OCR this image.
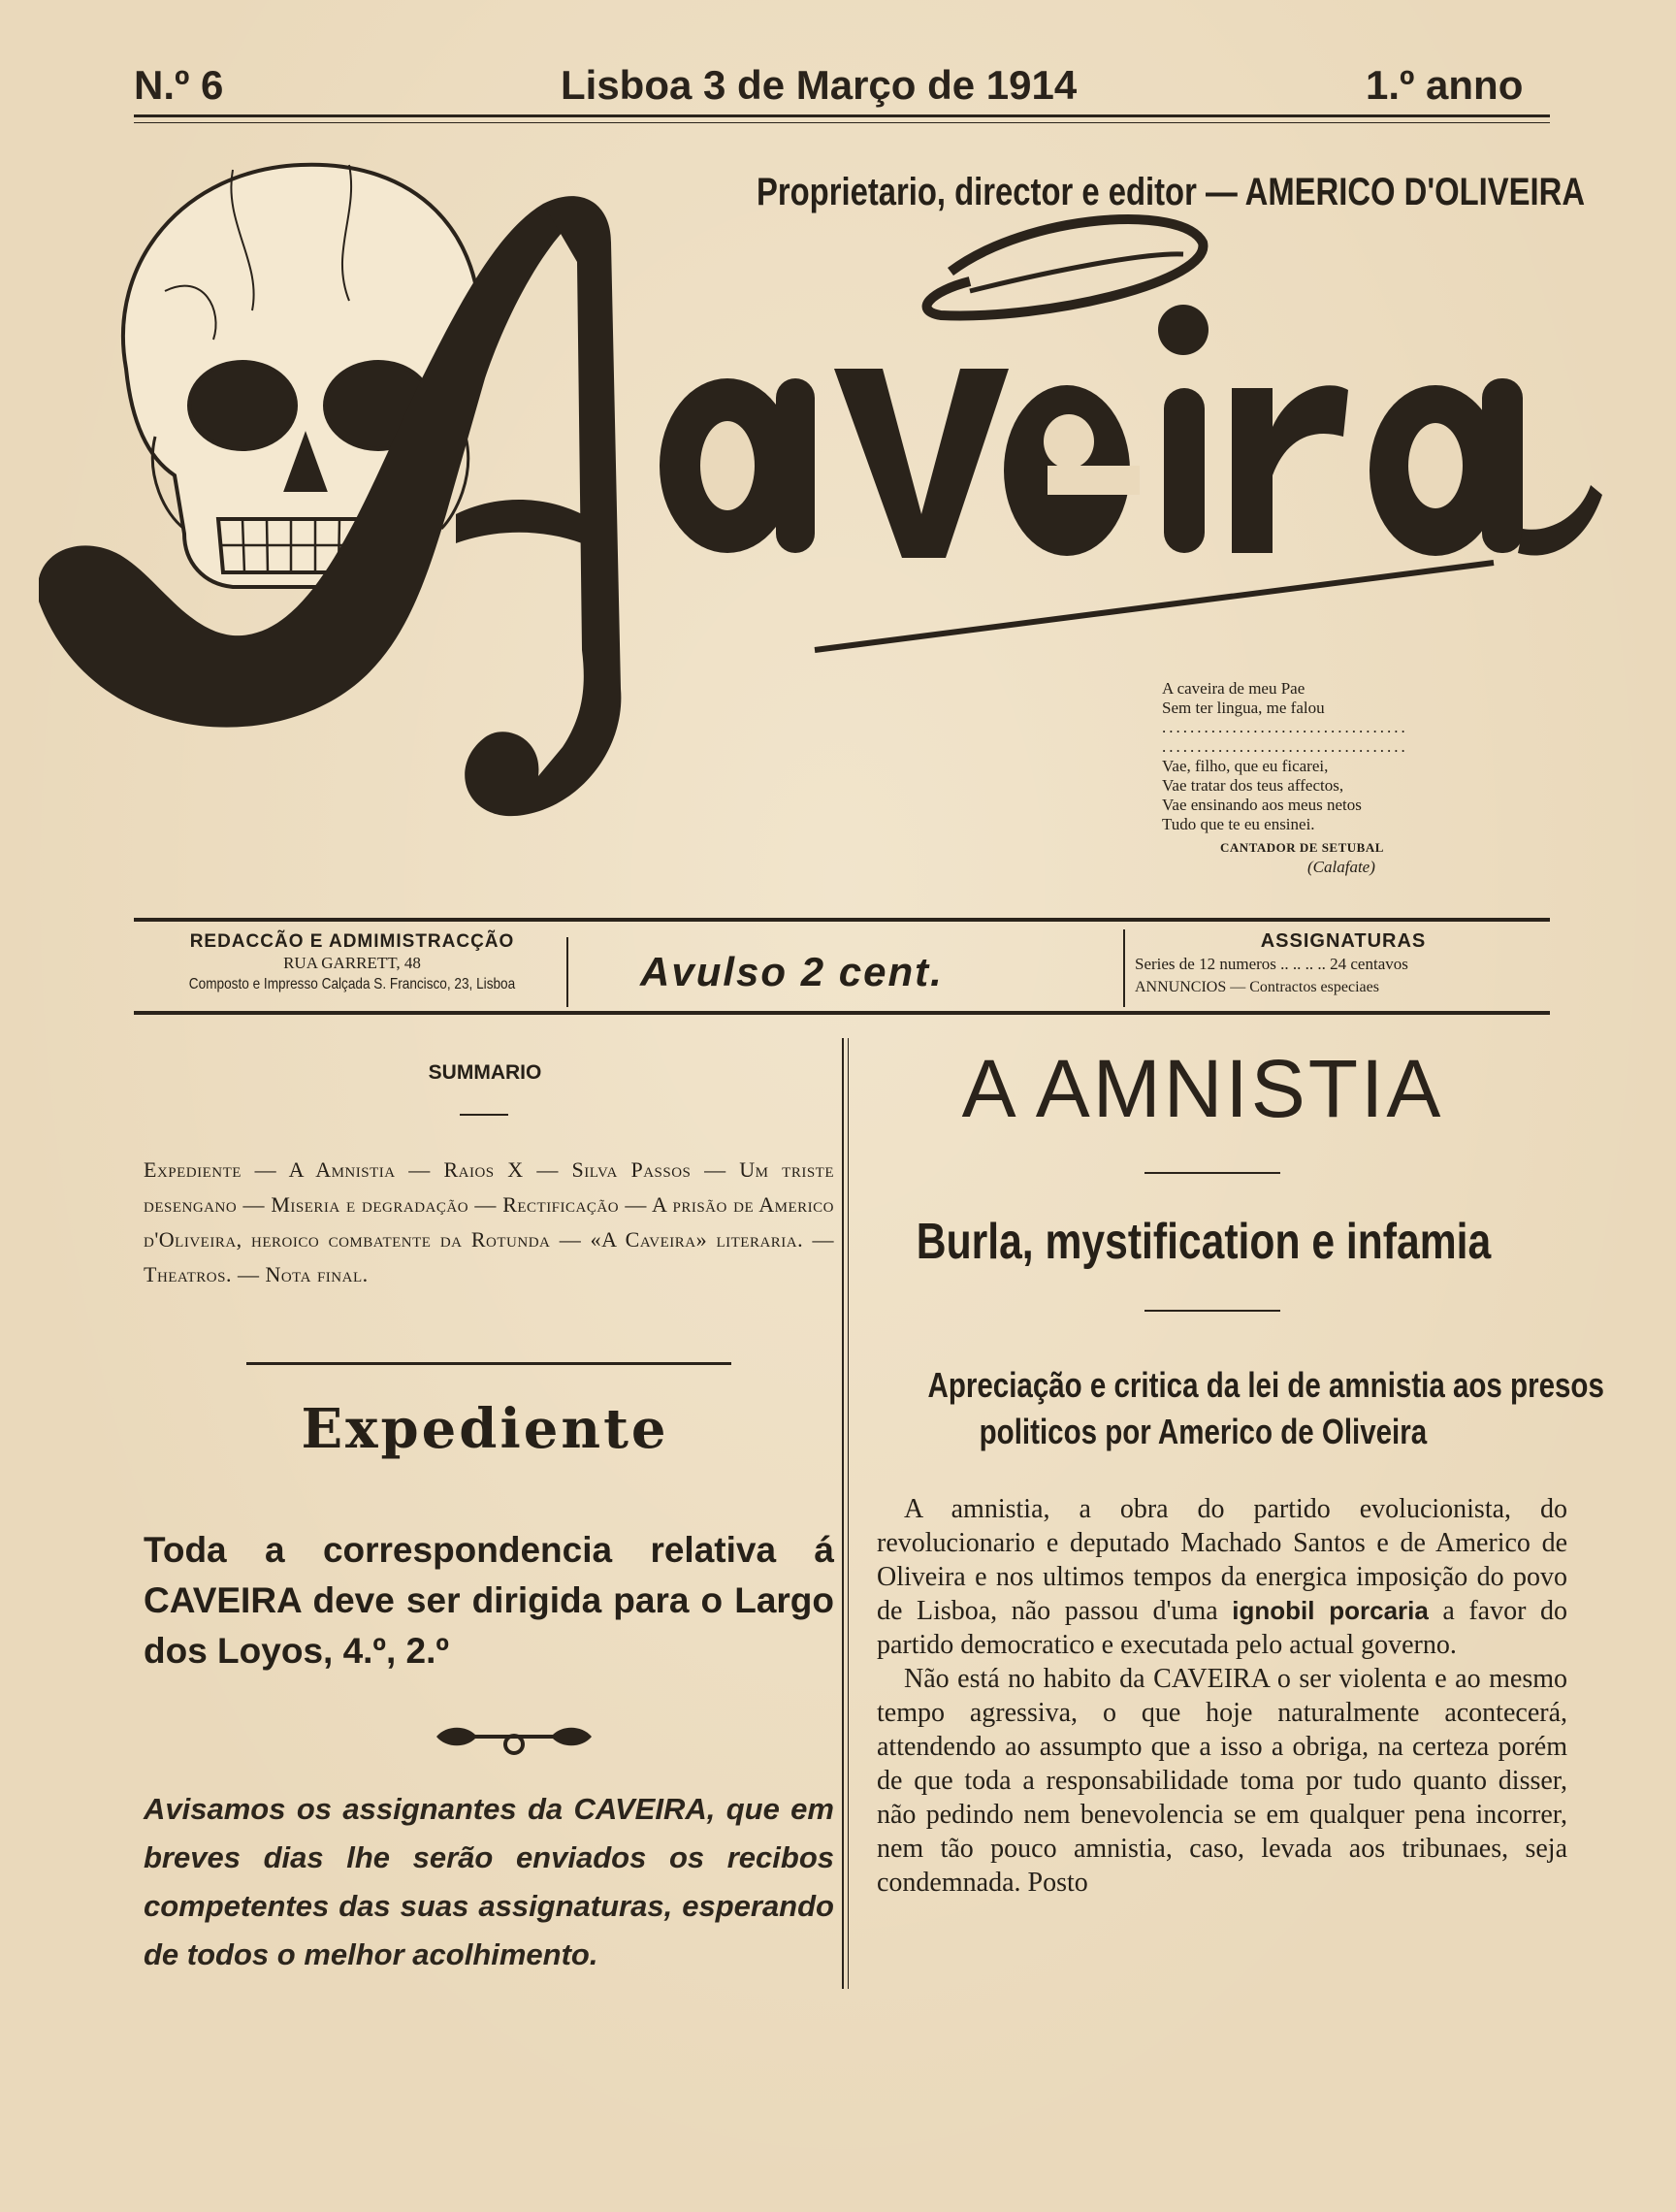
N.º 6	Lisboa 3 de Março de 1914	1.º anno
Proprietario, director e editor — AMERICO D'OLIVEIRA
A caveira de meu Pae
Sem ter lingua, me falou
...................................
...................................
Vae, filho, que eu ficarei,
Vae tratar dos teus affectos,
Vae ensinando aos meus netos
Tudo que te eu ensinei.
CANTADOR DE SETUBAL
(Calafate)
REDACCÃO E ADMIMISTRACÇÃO
RUA GARRETT, 48
Composto e Impresso Calçada S. Francisco, 23, Lisboa	Avulso 2 cent.
ASSIGNATURAS
Series de 12 numeros .. .. .. .. 24 centavos
ANNUNCIOS — Contractos especiaes
SUMMARIO
Expediente — A Amnistia — Raios X — Silva Passos — Um triste desengano — Miseria e degradação — Rectificação — A prisão de Americo d'Oliveira, heroico combatente da Rotunda — «A Caveira» literaria. — Theatros. — Nota final.
Expediente
Toda a correspondencia relativa á CAVEIRA deve ser dirigida para o Largo dos Loyos, 4.º, 2.º
Avisamos os assignantes da CAVEIRA, que em breves dias lhe serão enviados os recibos competentes das suas assignaturas, esperando de todos o melhor acolhimento.
A AMNISTIA
Burla, mystification e infamia
Apreciação e critica da lei de amnistia aos presos
politicos por Americo de Oliveira

A amnistia, a obra do partido evolucionista, do revolucionario e deputado Machado Santos e de Americo de Oliveira e nos ultimos tempos da energica imposição do povo de Lisboa, não passou d'uma ignobil porcaria a favor do partido democratico e executada pelo actual governo.

Não está no habito da CAVEIRA o ser violenta e ao mesmo tempo agressiva, o que hoje naturalmente acontecerá, attendendo ao assumpto que a isso a obriga, na certeza porém de que toda a responsabilidade toma por tudo quanto disser, não pedindo nem benevolencia se em qualquer pena incorrer, nem tão pouco amnistia, caso, levada aos tribunaes, seja condemnada. Posto
